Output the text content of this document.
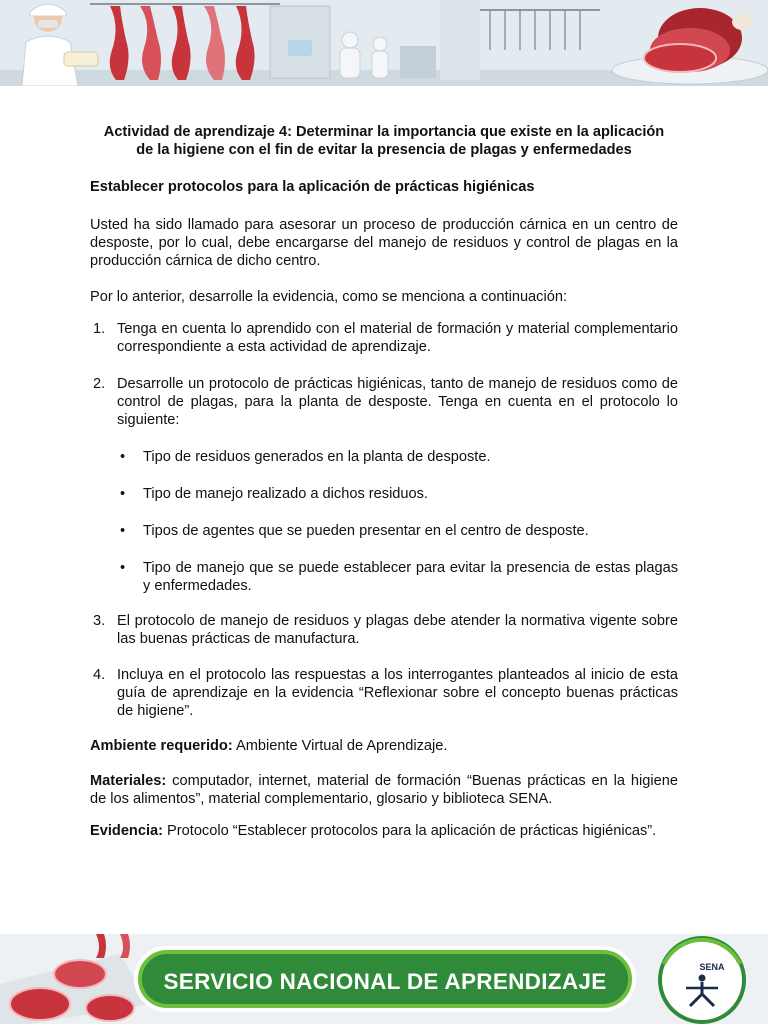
Actividad de aprendizaje 4: Determinar la importancia que existe en la aplicación
de la higiene con el fin de evitar la presencia de plagas y enfermedades

Establecer protocolos para la aplicación de prácticas higiénicas

Usted ha sido llamado para asesorar un proceso de producción cárnica en un centro de desposte, por lo cual, debe encargarse del manejo de residuos y control de plagas en la producción cárnica de dicho centro.

Por lo anterior, desarrolle la evidencia, como se menciona a continuación:

1. Tenga en cuenta lo aprendido con el material de formación y material complementario correspondiente a esta actividad de aprendizaje.
2. Desarrolle un protocolo de prácticas higiénicas, tanto de manejo de residuos como de control de plagas, para la planta de desposte. Tenga en cuenta en el protocolo lo siguiente:
• Tipo de residuos generados en la planta de desposte.
• Tipo de manejo realizado a dichos residuos.
• Tipos de agentes que se pueden presentar en el centro de desposte.
• Tipo de manejo que se puede establecer para evitar la presencia de estas plagas y enfermedades.
3. El protocolo de manejo de residuos y plagas debe atender la normativa vigente sobre las buenas prácticas de manufactura.
4. Incluya en el protocolo las respuestas a los interrogantes planteados al inicio de esta guía de aprendizaje en la evidencia “Reflexionar sobre el concepto buenas prácticas de higiene”.

Ambiente requerido: Ambiente Virtual de Aprendizaje.

Materiales: computador, internet, material de formación “Buenas prácticas en la higiene de los alimentos”, material complementario, glosario y biblioteca SENA.

Evidencia: Protocolo “Establecer protocolos para la aplicación de prácticas higiénicas”.

SERVICIO NACIONAL DE APRENDIZAJE
SENA
